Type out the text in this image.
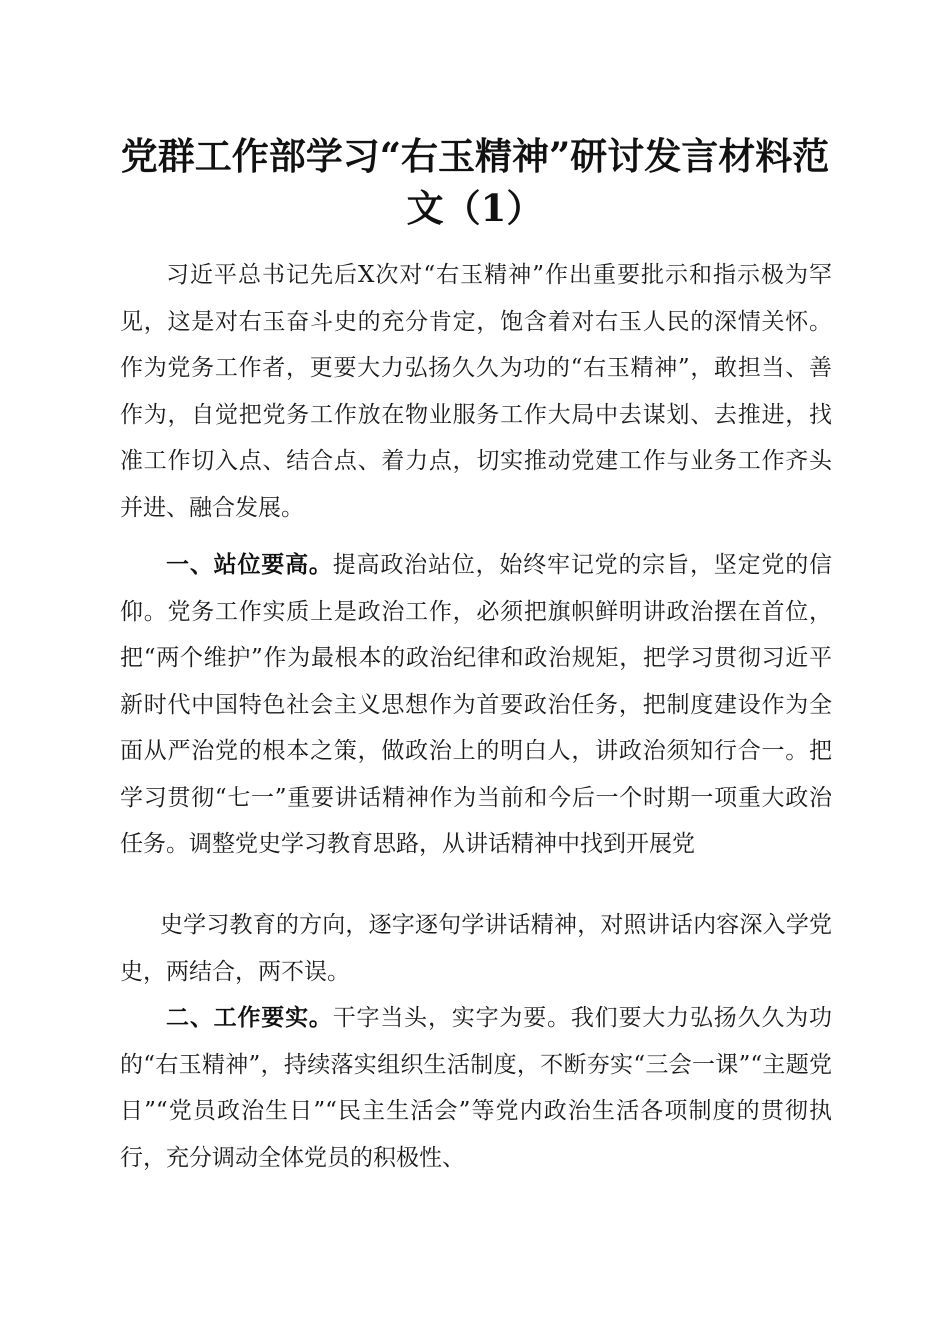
党群工作部学习“右玉精神”研讨发言材料范
文（1）

习近平总书记先后X次对“右玉精神”作出重要批示和指示极为罕见，这是对右玉奋斗史的充分肯定，饱含着对右玉人民的深情关怀。作为党务工作者，更要大力弘扬久久为功的“右玉精神”，敢担当、善作为，自觉把党务工作放在物业服务工作大局中去谋划、去推进，找准工作切入点、结合点、着力点，切实推动党建工作与业务工作齐头并进、融合发展。

一、站位要高。提高政治站位，始终牢记党的宗旨，坚定党的信仰。党务工作实质上是政治工作，必须把旗帜鲜明讲政治摆在首位，把“两个维护”作为最根本的政治纪律和政治规矩，把学习贯彻习近平新时代中国特色社会主义思想作为首要政治任务，把制度建设作为全面从严治党的根本之策，做政治上的明白人，讲政治须知行合一。把学习贯彻“七一”重要讲话精神作为当前和今后一个时期一项重大政治任务。调整党史学习教育思路，从讲话精神中找到开展党

史学习教育的方向，逐字逐句学讲话精神，对照讲话内容深入学党史，两结合，两不误。

二、工作要实。干字当头，实字为要。我们要大力弘扬久久为功的“右玉精神”，持续落实组织生活制度，不断夯实“三会一课”“主题党日”“党员政治生日”“民主生活会”等党内政治生活各项制度的贯彻执行，充分调动全体党员的积极性、
